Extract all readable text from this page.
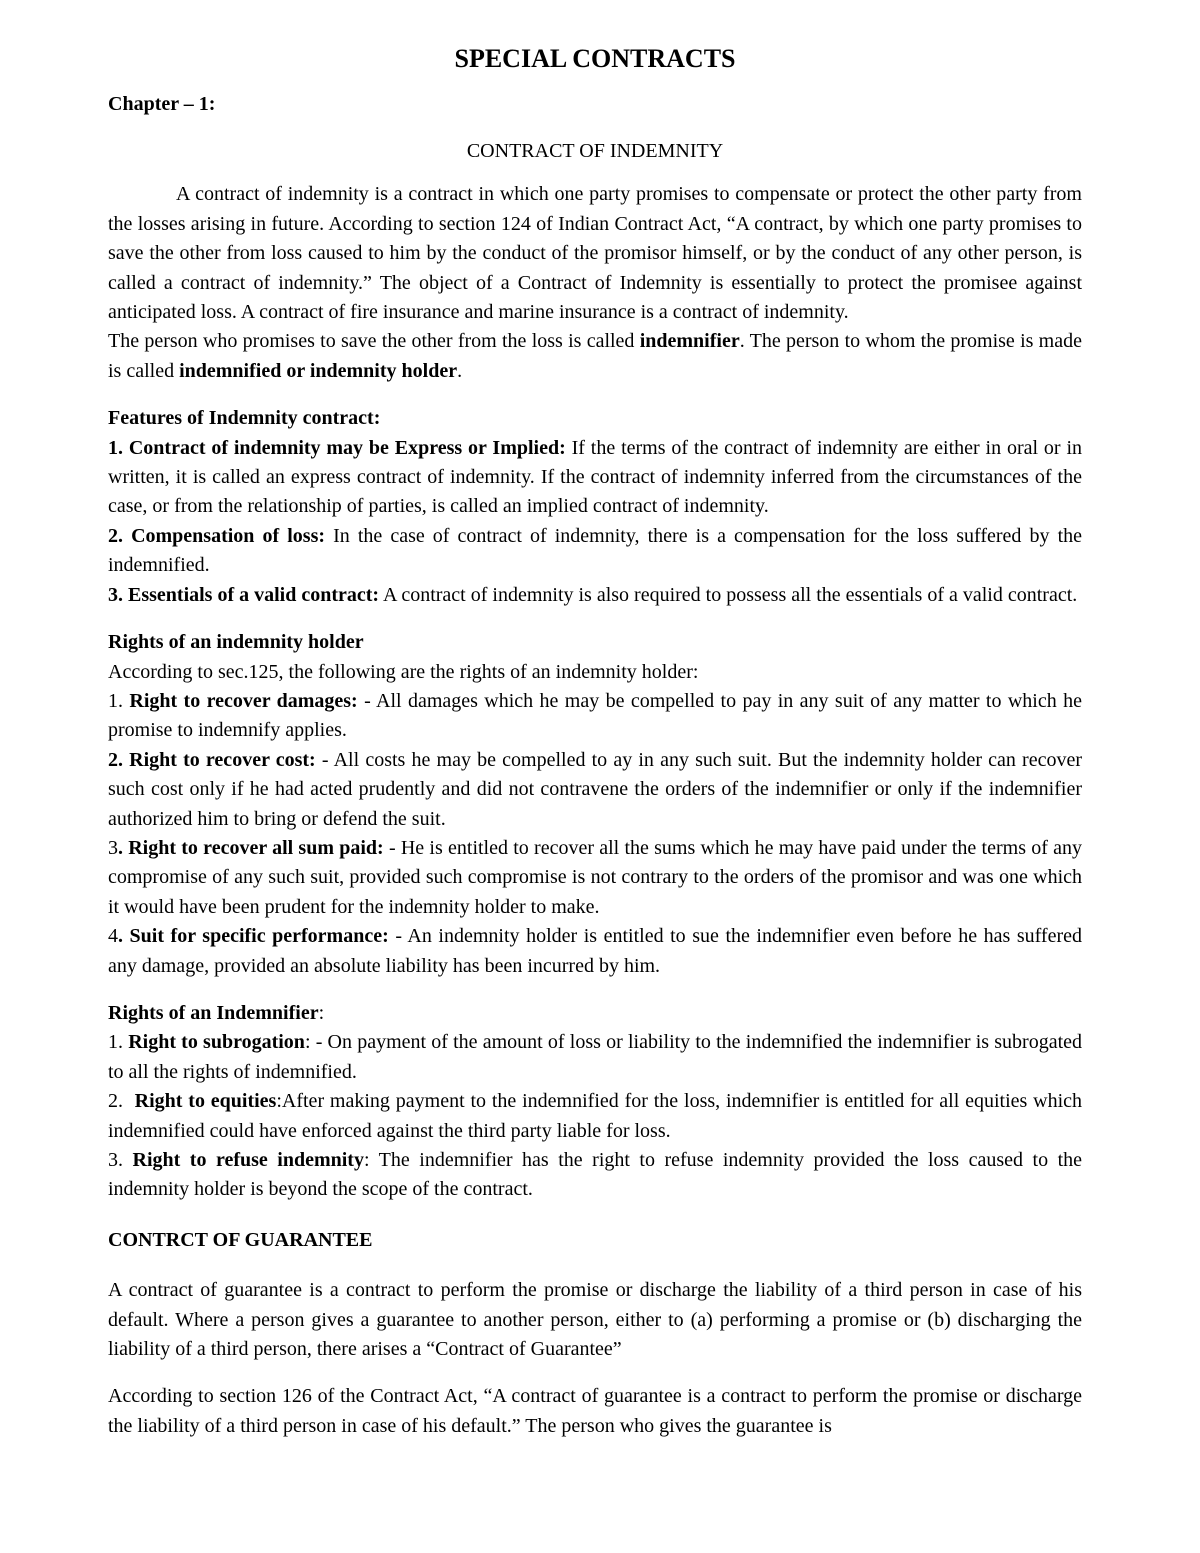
SPECIAL CONTRACTS

Chapter – 1:

CONTRACT OF INDEMNITY

A contract of indemnity is a contract in which one party promises to compensate or protect the other party from the losses arising in future. According to section 124 of Indian Contract Act, “A contract, by which one party promises to save the other from loss caused to him by the conduct of the promisor himself, or by the conduct of any other person, is called a contract of indemnity.” The object of a Contract of Indemnity is essentially to protect the promisee against anticipated loss. A contract of fire insurance and marine insurance is a contract of indemnity.

The person who promises to save the other from the loss is called indemnifier. The person to whom the promise is made is called indemnified or indemnity holder.

Features of Indemnity contract:

1. Contract of indemnity may be Express or Implied: If the terms of the contract of indemnity are either in oral or in written, it is called an express contract of indemnity. If the contract of indemnity inferred from the circumstances of the case, or from the relationship of parties, is called an implied contract of indemnity.

2. Compensation of loss: In the case of contract of indemnity, there is a compensation for the loss suffered by the indemnified.

3. Essentials of a valid contract: A contract of indemnity is also required to possess all the essentials of a valid contract.

Rights of an indemnity holder

According to sec.125, the following are the rights of an indemnity holder:

1. Right to recover damages: - All damages which he may be compelled to pay in any suit of any matter to which he promise to indemnify applies.

2. Right to recover cost: - All costs he may be compelled to ay in any such suit. But the indemnity holder can recover such cost only if he had acted prudently and did not contravene the orders of the indemnifier or only if the indemnifier authorized him to bring or defend the suit.

3. Right to recover all sum paid: - He is entitled to recover all the sums which he may have paid under the terms of any compromise of any such suit, provided such compromise is not contrary to the orders of the promisor and was one which it would have been prudent for the indemnity holder to make.

4. Suit for specific performance: - An indemnity holder is entitled to sue the indemnifier even before he has suffered any damage, provided an absolute liability has been incurred by him.

Rights of an Indemnifier:

1. Right to subrogation: - On payment of the amount of loss or liability to the indemnified the indemnifier is subrogated to all the rights of indemnified.

2.  Right to equities:After making payment to the indemnified for the loss, indemnifier is entitled for all equities which indemnified could have enforced against the third party liable for loss.

3. Right to refuse indemnity: The indemnifier has the right to refuse indemnity provided the loss caused to the indemnity holder is beyond the scope of the contract.

CONTRCT OF GUARANTEE

A contract of guarantee is a contract to perform the promise or discharge the liability of a third person in case of his default. Where a person gives a guarantee to another person, either to (a) performing a promise or (b) discharging the liability of a third person, there arises a “Contract of Guarantee”

According to section 126 of the Contract Act, “A contract of guarantee is a contract to perform the promise or discharge the liability of a third person in case of his default.” The person who gives the guarantee is
